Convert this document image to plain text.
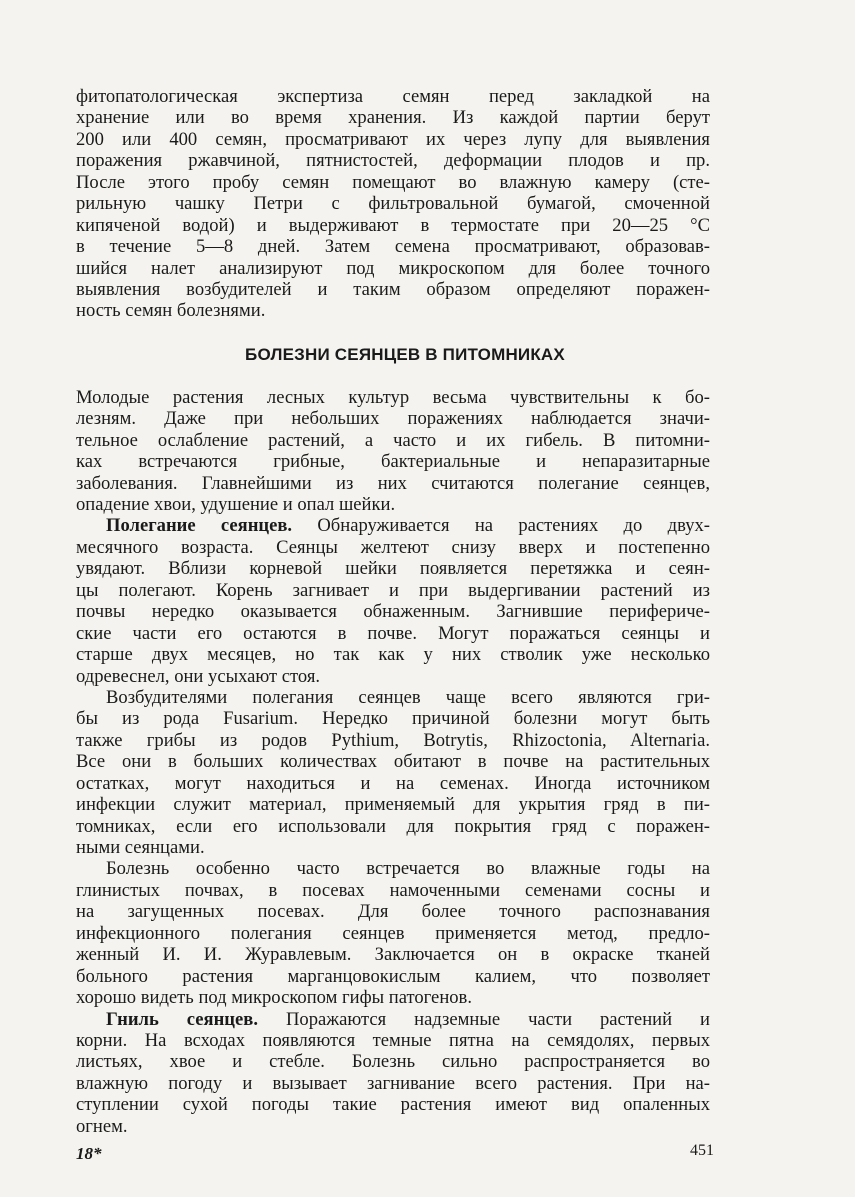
фитопатологическая экспертиза семян перед закладкой на
хранение или во время хранения. Из каждой партии берут
200 или 400 семян, просматривают их через лупу для выявления
поражения ржавчиной, пятнистостей, деформации плодов и пр.
После этого пробу семян помещают во влажную камеру (сте-
рильную чашку Петри с фильтровальной бумагой, смоченной
кипяченой водой) и выдерживают в термостате при 20—25 °С
в течение 5—8 дней. Затем семена просматривают, образовав-
шийся налет анализируют под микроскопом для более точного
выявления возбудителей и таким образом определяют поражен-
ность семян болезнями.
БОЛЕЗНИ СЕЯНЦЕВ В ПИТОМНИКАХ
Молодые растения лесных культур весьма чувствительны к бо-
лезням. Даже при небольших поражениях наблюдается значи-
тельное ослабление растений, а часто и их гибель. В питомни-
ках встречаются грибные, бактериальные и непаразитарные
заболевания. Главнейшими из них считаются полегание сеянцев,
опадение хвои, удушение и опал шейки.
Полегание сеянцев. Обнаруживается на растениях до двух-
месячного возраста. Сеянцы желтеют снизу вверх и постепенно
увядают. Вблизи корневой шейки появляется перетяжка и сеян-
цы полегают. Корень загнивает и при выдергивании растений из
почвы нередко оказывается обнаженным. Загнившие перифериче-
ские части его остаются в почве. Могут поражаться сеянцы и
старше двух месяцев, но так как у них стволик уже несколько
одревеснел, они усыхают стоя.
Возбудителями полегания сеянцев чаще всего являются гри-
бы из рода Fusarium. Нередко причиной болезни могут быть
также грибы из родов Pythium, Botrytis, Rhizoctonia, Alternaria.
Все они в больших количествах обитают в почве на растительных
остатках, могут находиться и на семенах. Иногда источником
инфекции служит материал, применяемый для укрытия гряд в пи-
томниках, если его использовали для покрытия гряд с поражен-
ными сеянцами.
Болезнь особенно часто встречается во влажные годы на
глинистых почвах, в посевах намоченными семенами сосны и
на загущенных посевах. Для более точного распознавания
инфекционного полегания сеянцев применяется метод, предло-
женный И. И. Журавлевым. Заключается он в окраске тканей
больного растения марганцовокислым калием, что позволяет
хорошо видеть под микроскопом гифы патогенов.
Гниль сеянцев. Поражаются надземные части растений и
корни. На всходах появляются темные пятна на семядолях, первых
листьях, хвое и стебле. Болезнь сильно распространяется во
влажную погоду и вызывает загнивание всего растения. При на-
ступлении сухой погоды такие растения имеют вид опаленных
огнем.
18*	451
